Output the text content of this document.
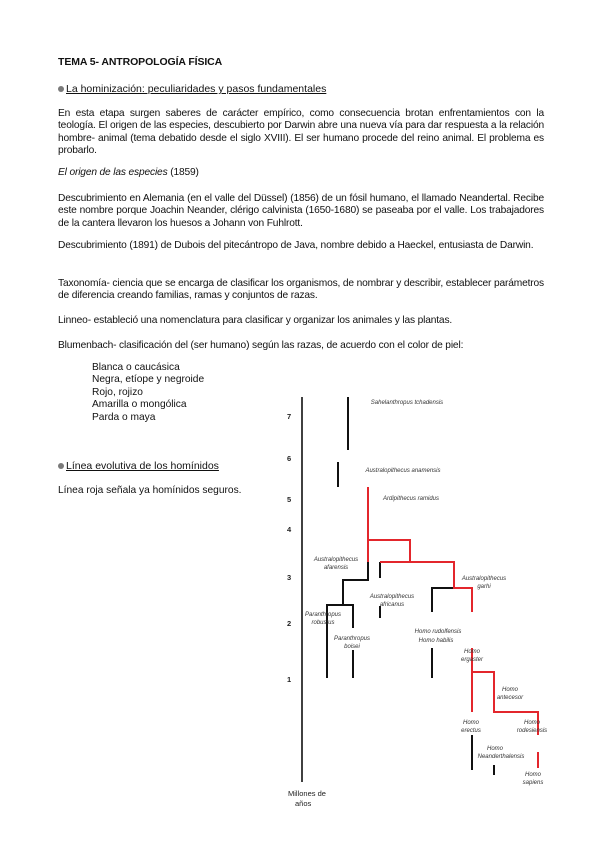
TEMA 5- ANTROPOLOGÍA FÍSICA
La hominización: peculiaridades y pasos fundamentales
En esta etapa surgen saberes de carácter empírico, como consecuencia brotan enfrentamientos con la teología. El origen de las especies, descubierto por Darwin abre una nueva vía para dar respuesta a la relación hombre- animal (tema debatido desde el siglo XVIII). El ser humano procede del reino animal. El problema es probarlo.
El origen de las especies (1859)
Descubrimiento en Alemania (en el valle del Düssel) (1856) de un fósil humano, el llamado Neandertal. Recibe este nombre porque Joachin Neander, clérigo calvinista (1650-1680) se paseaba por el valle. Los trabajadores de la cantera llevaron los huesos a Johann von Fuhlrott.
Descubrimiento (1891) de Dubois del pitecántropo de Java, nombre debido a Haeckel, entusiasta de Darwin.
Taxonomía- ciencia que se encarga de clasificar los organismos, de nombrar y describir, establecer parámetros de diferencia creando familias, ramas y conjuntos de razas.
Linneo- estableció una nomenclatura para clasificar y organizar los animales y las plantas.
Blumenbach- clasificación del (ser humano) según las razas, de acuerdo con el color de piel:
Blanca o caucásica
Negra, etíope y negroide
Rojo, rojizo
Amarilla o mongólica
Parda o maya
Línea evolutiva de los homínidos
Línea roja señala ya homínidos seguros.
7
6
5
4
3
2
1
Millones de
años
Sahelanthropus tchadensis
Australopithecus anamensis
Ardipithecus ramidus
Australopithecus
afarensis
Australopithecus
africanus
Australopithecus
garhi
Paranthropus
robustus
Paranthropus
boisei
Homo rudolfensis
Homo habilis
Homo
ergaster
Homo
antecesor
Homo
erectus
Homo
rodesiensis
Homo
Neanderthalensis
Homo
sapiens
